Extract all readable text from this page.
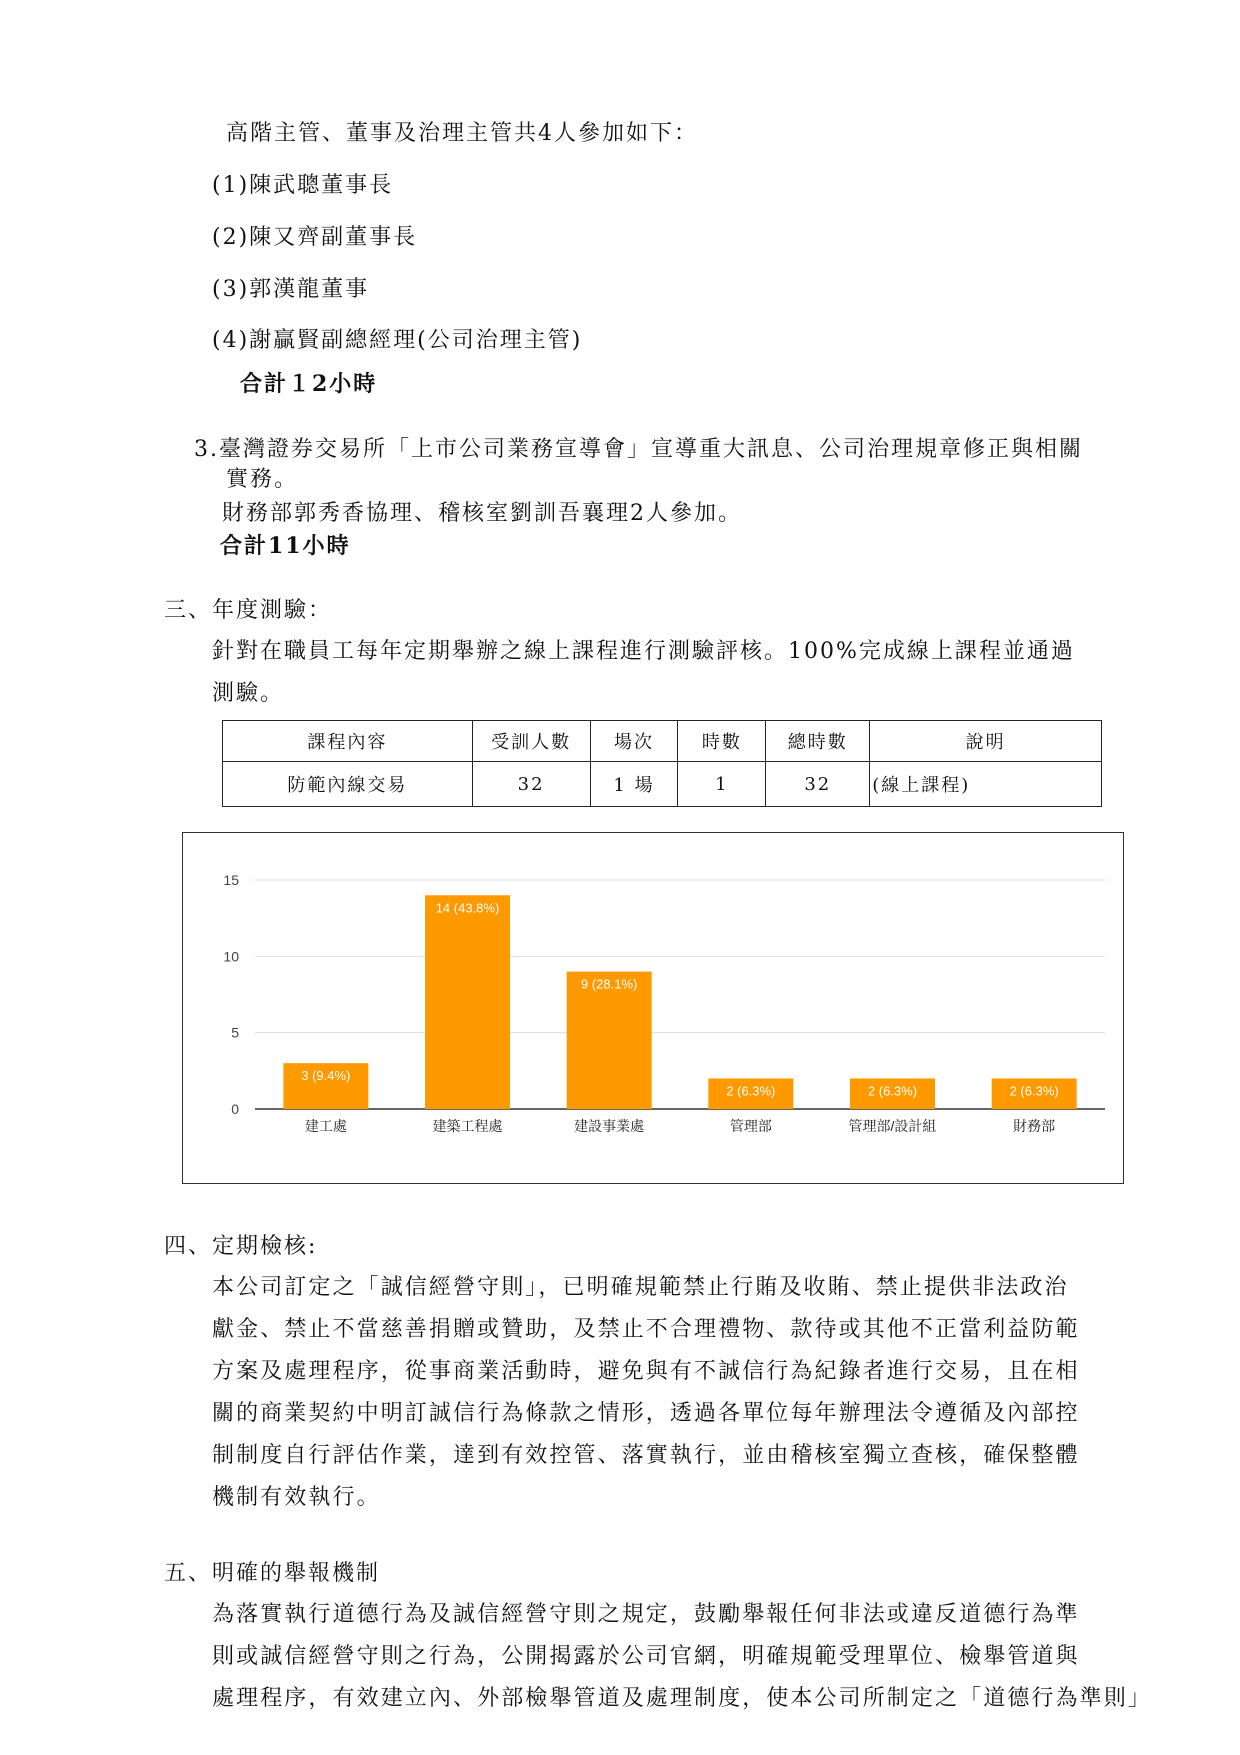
高階主管、董事及治理主管共4人參加如下：
(1)陳武聰董事長
(2)陳又齊副董事長
(3)郭漢龍董事
(4)謝贏賢副總經理(公司治理主管)
合計１2小時
3.臺灣證券交易所「上市公司業務宣導會」宣導重大訊息、公司治理規章修正與相關
實務。
財務部郭秀香協理、稽核室劉訓吾襄理2人參加。
合計11小時
三、年度測驗：
針對在職員工每年定期舉辦之線上課程進行測驗評核。100%完成線上課程並通過
測驗。
課程內容	受訓人數	場次	時數	總時數	說明
防範內線交易	32	1 場	1	32	(線上課程)
0
5
10
15
3 (9.4%)
建工處
14 (43.8%)
建築工程處
9 (28.1%)
建設事業處
2 (6.3%)
管理部
2 (6.3%)
管理部/設計組
2 (6.3%)
財務部
四、定期檢核:
本公司訂定之「誠信經營守則」，已明確規範禁止行賄及收賄、禁止提供非法政治
獻金、禁止不當慈善捐贈或贊助，及禁止不合理禮物、款待或其他不正當利益防範
方案及處理程序，從事商業活動時，避免與有不誠信行為紀錄者進行交易，且在相
關的商業契約中明訂誠信行為條款之情形，透過各單位每年辦理法令遵循及內部控
制制度自行評估作業，達到有效控管、落實執行，並由稽核室獨立查核，確保整體
機制有效執行。
五、明確的舉報機制
為落實執行道德行為及誠信經營守則之規定，鼓勵舉報任何非法或違反道德行為準
則或誠信經營守則之行為，公開揭露於公司官網，明確規範受理單位、檢舉管道與
處理程序，有效建立內、外部檢舉管道及處理制度，使本公司所制定之「道德行為準則」
